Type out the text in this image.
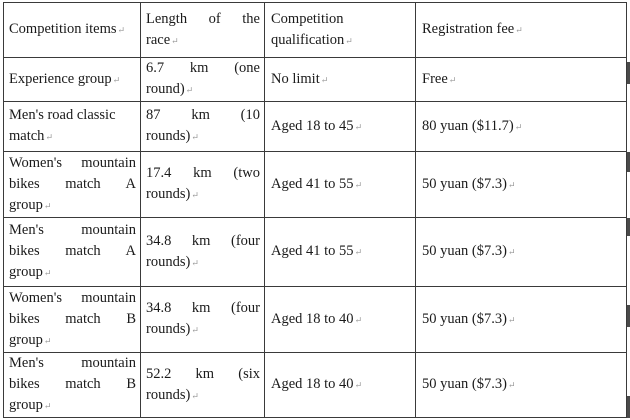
Competition items↵	Length of the race↵	Competition qualification↵	Registration fee↵
Experience group↵	6.7 km (one round)↵	No limit↵	Free↵
Men's road classic match↵	87 km (10 rounds)↵	Aged 18 to 45↵	80 yuan ($11.7)↵
Women's mountain bikes match A group↵	17.4 km (two rounds)↵	Aged 41 to 55↵	50 yuan ($7.3)↵
Men's mountain bikes match A group↵	34.8 km (four rounds)↵	Aged 41 to 55↵	50 yuan ($7.3)↵
Women's mountain bikes match B group↵	34.8 km (four rounds)↵	Aged 18 to 40↵	50 yuan ($7.3)↵
Men's mountain bikes match B group↵	52.2 km (six rounds)↵	Aged 18 to 40↵	50 yuan ($7.3)↵
